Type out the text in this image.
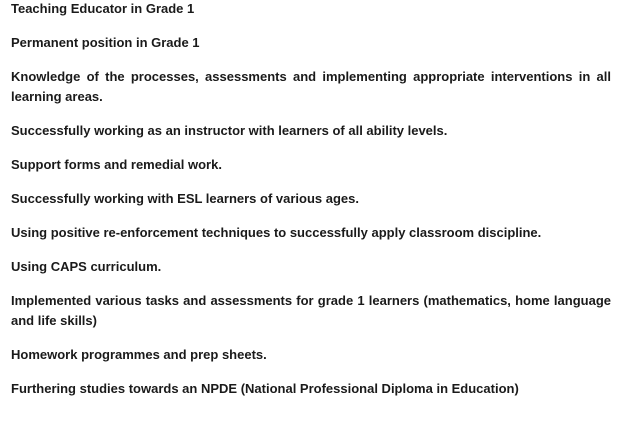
Teaching Educator in Grade 1

Permanent position in Grade 1

Knowledge of the processes, assessments and implementing appropriate interventions in all learning areas.

Successfully working as an instructor with learners of all ability levels.

Support forms and remedial work.

Successfully working with ESL learners of various ages.

Using positive re-enforcement techniques to successfully apply classroom discipline.

Using CAPS curriculum.

Implemented various tasks and assessments for grade 1 learners (mathematics, home language and life skills)

Homework programmes and prep sheets.

Furthering studies towards an NPDE (National Professional Diploma in Education)
